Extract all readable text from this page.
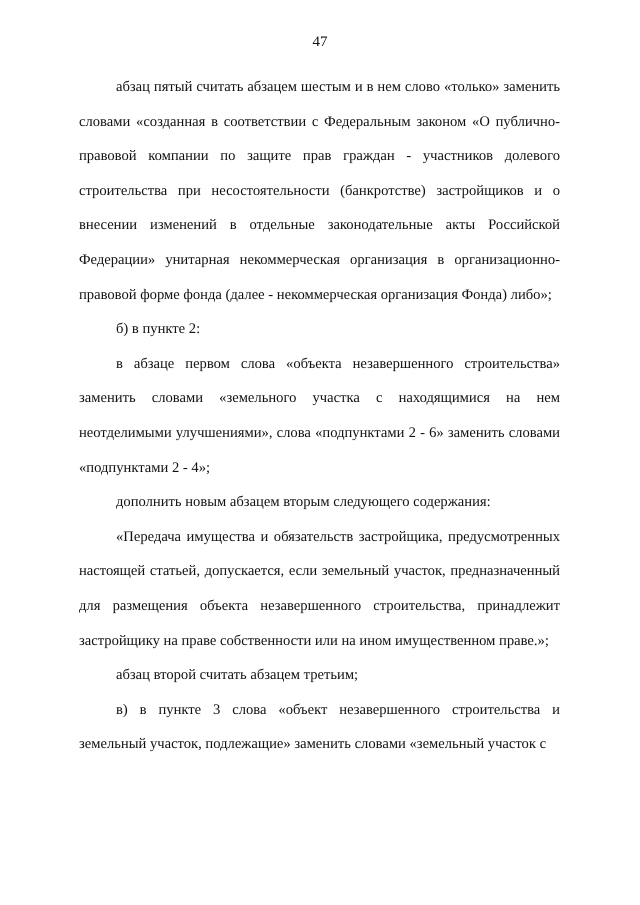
47

абзац пятый считать абзацем шестым и в нем слово «только» заменить словами «созданная в соответствии с Федеральным законом «О публично-правовой компании по защите прав граждан - участников долевого строительства при несостоятельности (банкротстве) застройщиков и о внесении изменений в отдельные законодательные акты Российской Федерации» унитарная некоммерческая организация в организационно-правовой форме фонда (далее - некоммерческая организация Фонда) либо»;

б) в пункте 2:

в абзаце первом слова «объекта незавершенного строительства» заменить словами «земельного участка с находящимися на нем неотделимыми улучшениями», слова «подпунктами 2 - 6» заменить словами «подпунктами 2 - 4»;

дополнить новым абзацем вторым следующего содержания:

«Передача имущества и обязательств застройщика, предусмотренных настоящей статьей, допускается, если земельный участок, предназначенный для размещения объекта незавершенного строительства, принадлежит застройщику на праве собственности или на ином имущественном праве.»;

абзац второй считать абзацем третьим;

в) в пункте 3 слова «объект незавершенного строительства и земельный участок, подлежащие» заменить словами «земельный участок с
